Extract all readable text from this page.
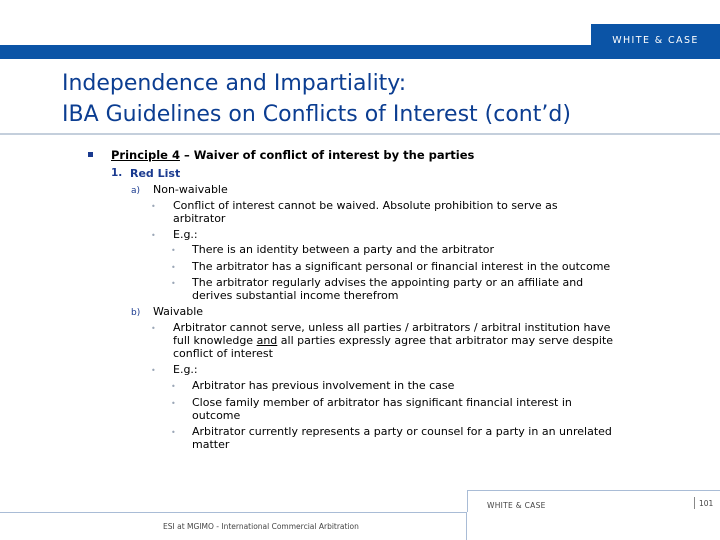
WHITE & CASE
Independence and Impartiality:
IBA Guidelines on Conflicts of Interest (cont’d)
Principle 4 – Waiver of conflict of interest by the parties
1. Red List
a) Non-waivable
• Conflict of interest cannot be waived. Absolute prohibition to serve as
arbitrator
• E.g.:
• There is an identity between a party and the arbitrator
• The arbitrator has a significant personal or financial interest in the outcome
• The arbitrator regularly advises the appointing party or an affiliate and
derives substantial income therefrom
b) Waivable
• Arbitrator cannot serve, unless all parties / arbitrators / arbitral institution have
full knowledge and all parties expressly agree that arbitrator may serve despite
conflict of interest
• E.g.:
• Arbitrator has previous involvement in the case
• Close family member of arbitrator has significant financial interest in
outcome
• Arbitrator currently represents a party or counsel for a party in an unrelated
matter
ESI at MGIMO - International Commercial Arbitration
WHITE & CASE	101
